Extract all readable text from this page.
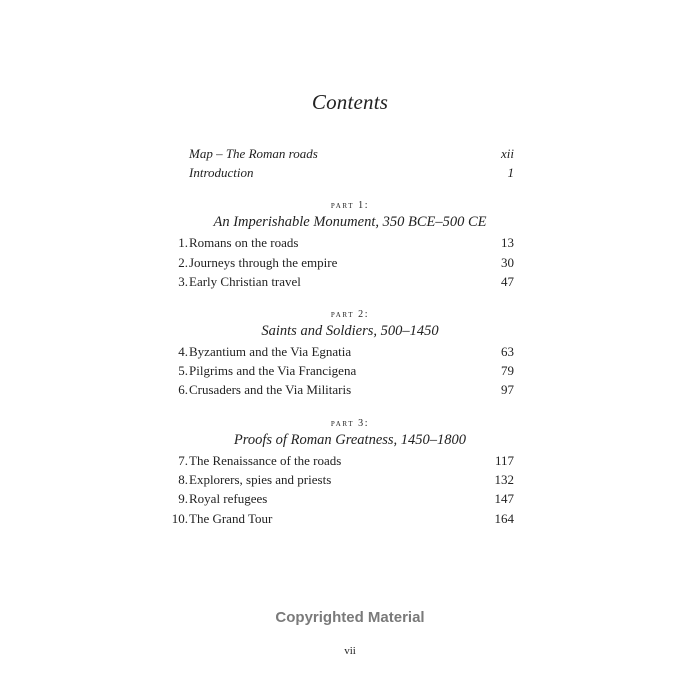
Contents
Map – The Roman roads	xii
Introduction	1
part 1:
An Imperishable Monument, 350 BCE–500 CE
1. Romans on the roads	13
2. Journeys through the empire	30
3. Early Christian travel	47
part 2:
Saints and Soldiers, 500–1450
4. Byzantium and the Via Egnatia	63
5. Pilgrims and the Via Francigena	79
6. Crusaders and the Via Militaris	97
part 3:
Proofs of Roman Greatness, 1450–1800
7. The Renaissance of the roads	117
8. Explorers, spies and priests	132
9. Royal refugees	147
10. The Grand Tour	164
Copyrighted Material
vii
